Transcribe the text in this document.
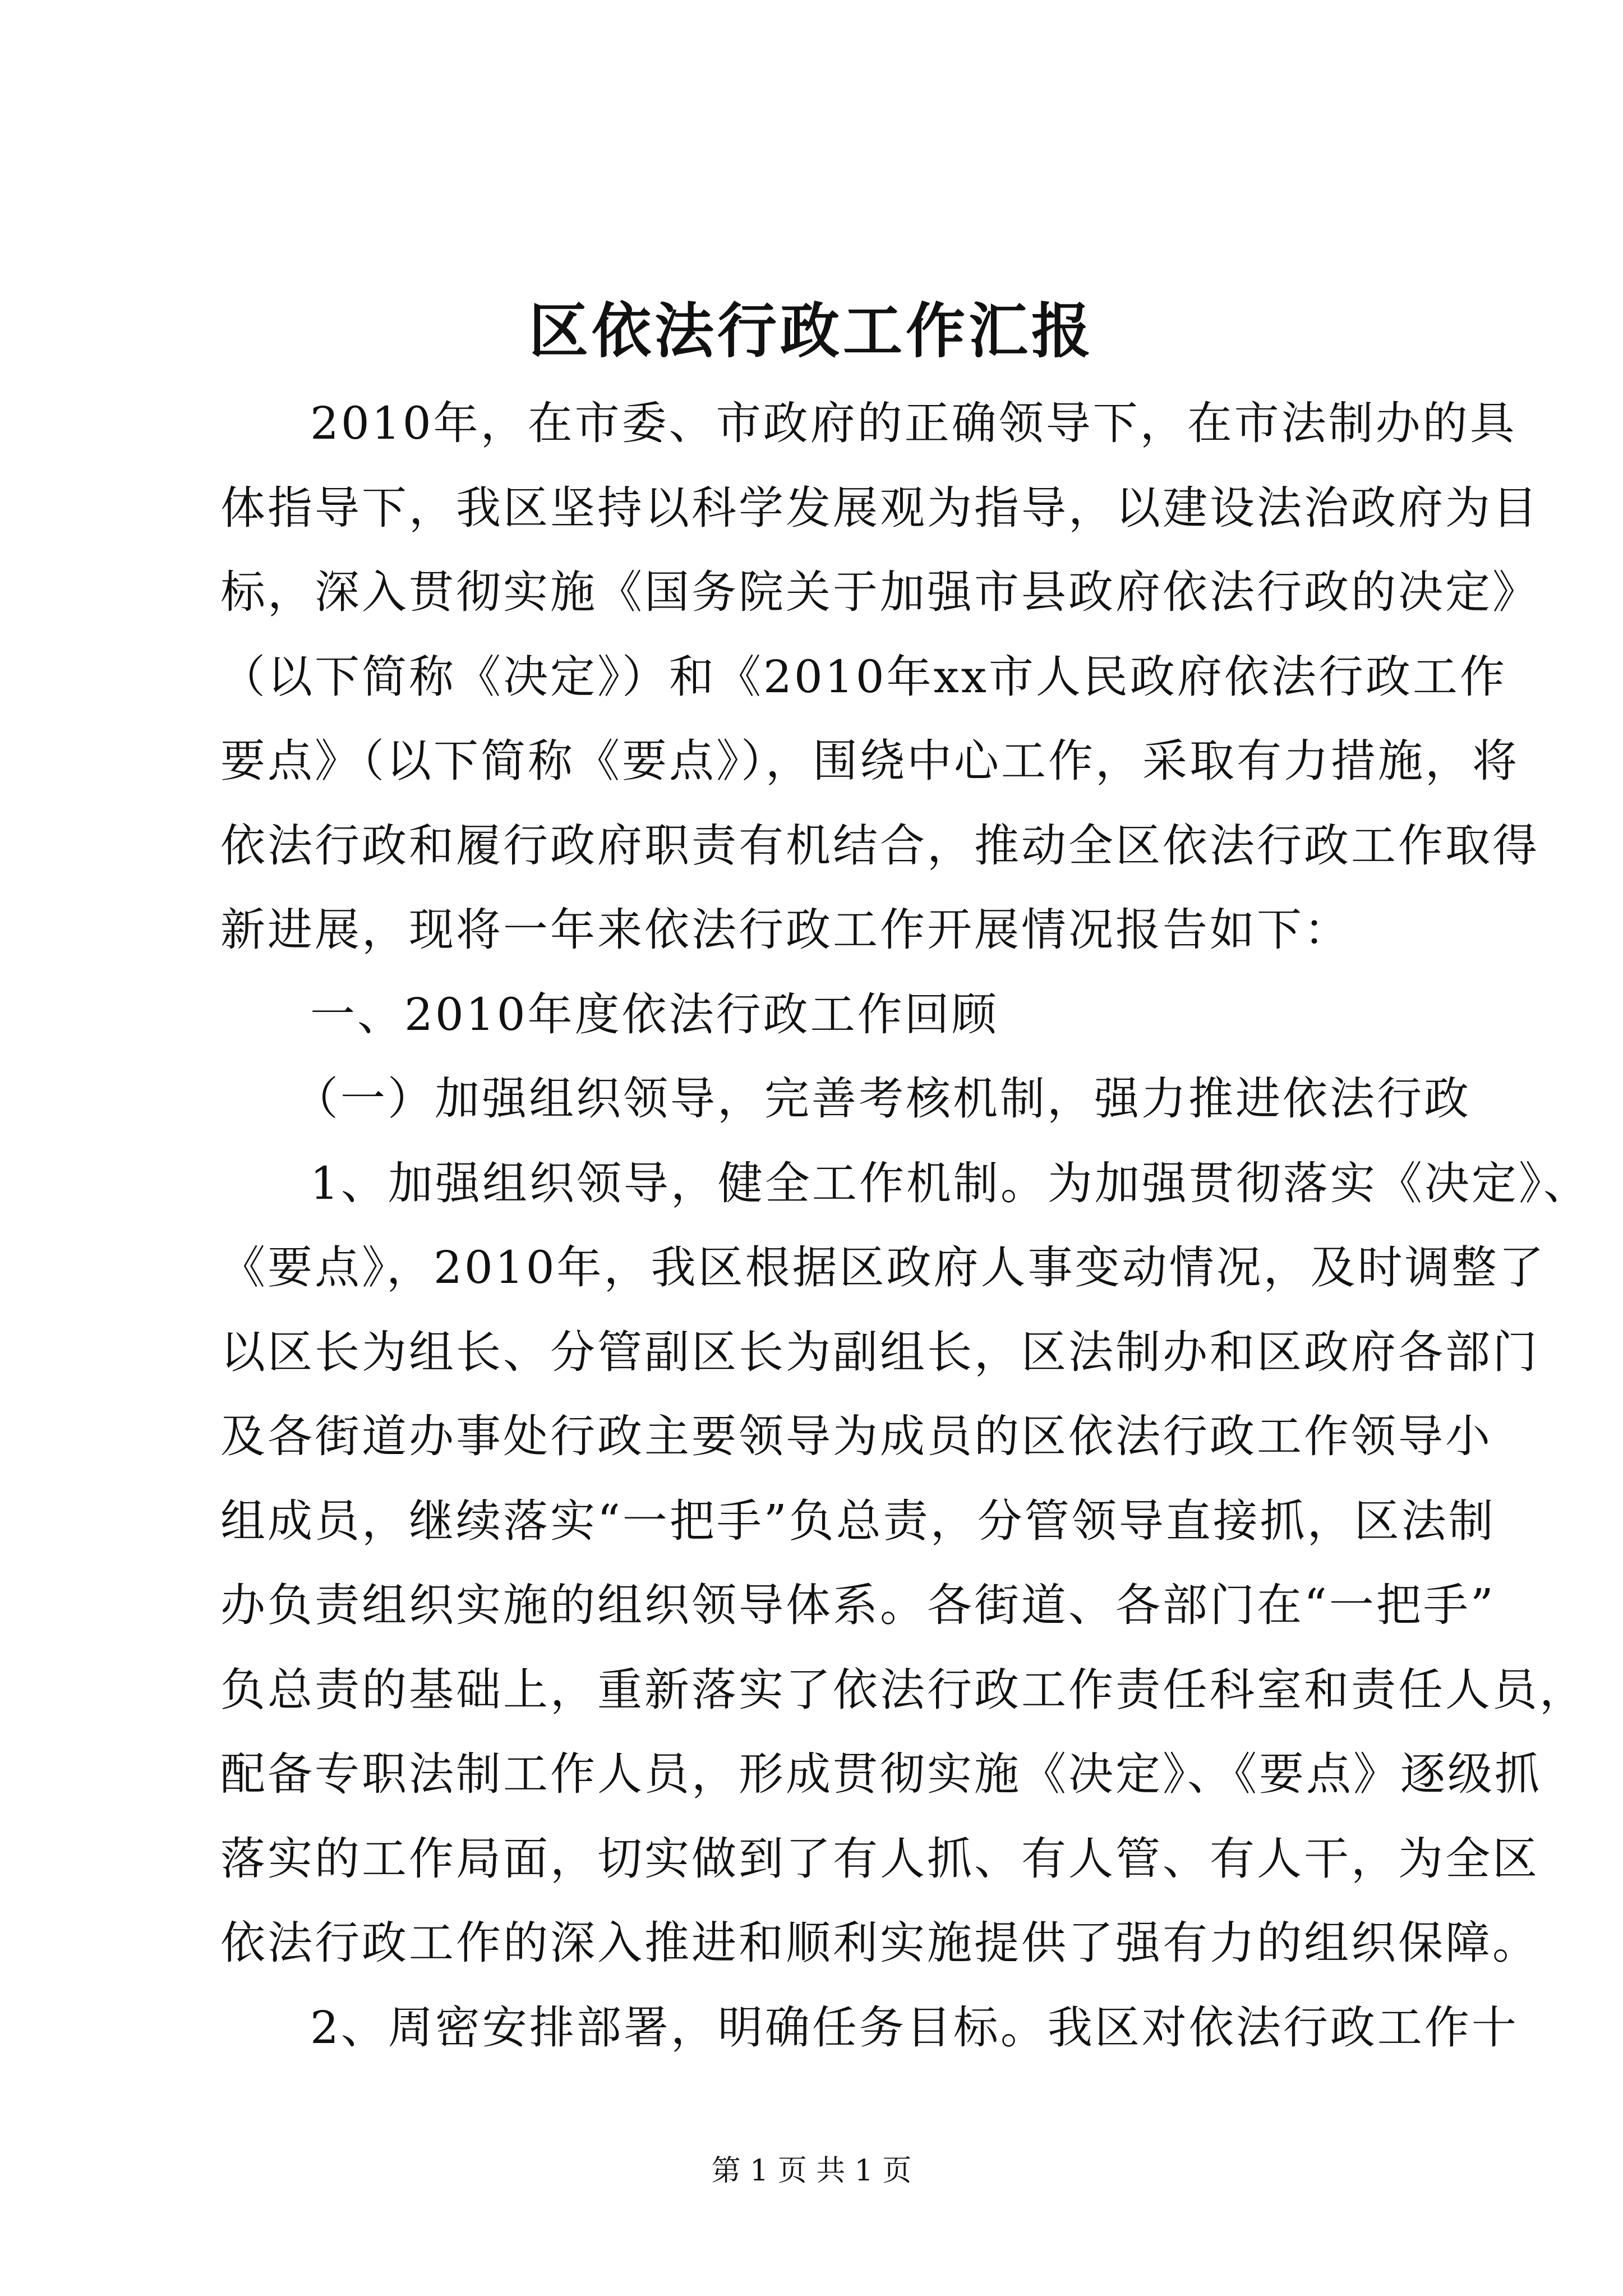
区依法行政工作汇报
2010年，在市委、市政府的正确领导下，在市法制办的具
体指导下，我区坚持以科学发展观为指导，以建设法治政府为目
标，深入贯彻实施《国务院关于加强市县政府依法行政的决定》
（以下简称《决定》）和《2010年xx市人民政府依法行政工作
要点》（以下简称《要点》），围绕中心工作，采取有力措施，将
依法行政和履行政府职责有机结合，推动全区依法行政工作取得
新进展，现将一年来依法行政工作开展情况报告如下：
一、2010年度依法行政工作回顾
（一）加强组织领导，完善考核机制，强力推进依法行政
1、加强组织领导，健全工作机制。为加强贯彻落实《决定》、
《要点》，2010年，我区根据区政府人事变动情况，及时调整了
以区长为组长、分管副区长为副组长，区法制办和区政府各部门
及各街道办事处行政主要领导为成员的区依法行政工作领导小
组成员，继续落实“一把手”负总责，分管领导直接抓，区法制
办负责组织实施的组织领导体系。各街道、各部门在“一把手”
负总责的基础上，重新落实了依法行政工作责任科室和责任人员，
配备专职法制工作人员，形成贯彻实施《决定》、《要点》逐级抓
落实的工作局面，切实做到了有人抓、有人管、有人干，为全区
依法行政工作的深入推进和顺利实施提供了强有力的组织保障。
2、周密安排部署，明确任务目标。我区对依法行政工作十
第 1 页 共 1 页
